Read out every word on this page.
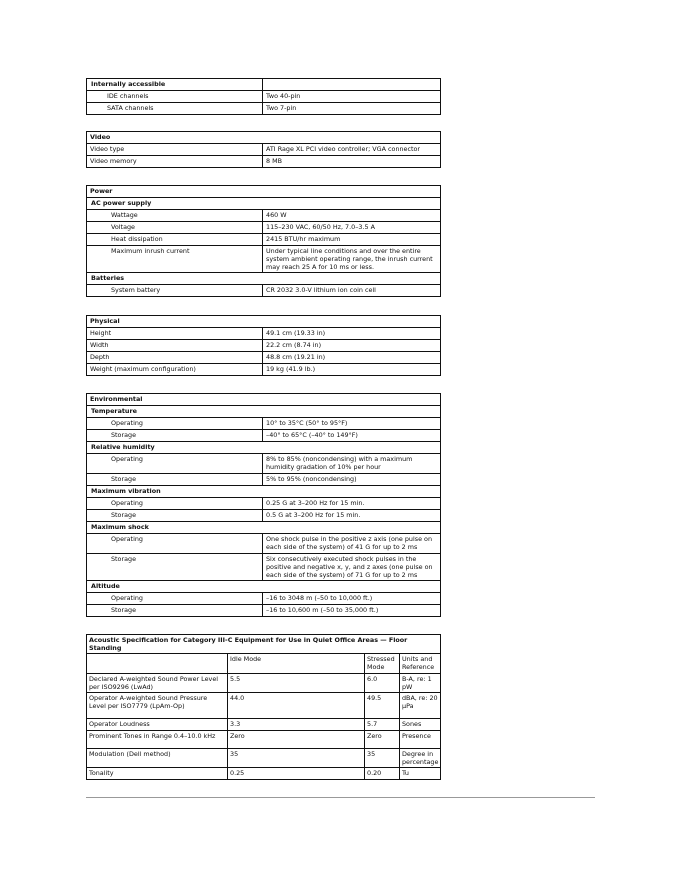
Internally accessible	
IDE channels	Two 40-pin
SATA channels	Two 7-pin
Video	
Video type	ATI Rage XL PCI video controller; VGA connector
Video memory	8 MB
Power	
AC power supply	
Wattage	460 W
Voltage	115–230 VAC, 60/50 Hz, 7.0–3.5 A
Heat dissipation	2415 BTU/hr maximum
Maximum inrush current	Under typical line conditions and over the entire system ambient operating range, the inrush current may reach 25 A for 10 ms or less.
Batteries	
System battery	CR 2032 3.0-V lithium ion coin cell
Physical	
Height	49.1 cm (19.33 in)
Width	22.2 cm (8.74 in)
Depth	48.8 cm (19.21 in)
Weight (maximum configuration)	19 kg (41.9 lb.)
Environmental	
Temperature	
Operating	10° to 35°C (50° to 95°F)
Storage	–40° to 65°C (–40° to 149°F)
Relative humidity	
Operating	8% to 85% (noncondensing) with a maximum humidity gradation of 10% per hour
Storage	5% to 95% (noncondensing)
Maximum vibration	
Operating	0.25 G at 3–200 Hz for 15 min.
Storage	0.5 G at 3–200 Hz for 15 min.
Maximum shock	
Operating	One shock pulse in the positive z axis (one pulse on each side of the system) of 41 G for up to 2 ms
Storage	Six consecutively executed shock pulses in the positive and negative x, y, and z axes (one pulse on each side of the system) of 71 G for up to 2 ms
Altitude	
Operating	–16 to 3048 m (–50 to 10,000 ft.)
Storage	–16 to 10,600 m (–50 to 35,000 ft.)
Acoustic Specification for Category III-C Equipment for Use in Quiet Office Areas — Floor Standing			
	Idle Mode	Stressed Mode	Units and Reference
Declared A-weighted Sound Power Level per ISO9296 (LwAd)	5.5	6.0	B-A, re: 1 pW
Operator A-weighted Sound Pressure Level per ISO7779 (LpAm-Op)	44.0	49.5	dBA, re: 20 μPa
Operator Loudness	3.3	5.7	Sones
Prominent Tones in Range 0.4–10.0 kHz	Zero	Zero	Presence
Modulation (Dell method)	35	35	Degree in percentage
Tonality	0.25	0.20	Tu
